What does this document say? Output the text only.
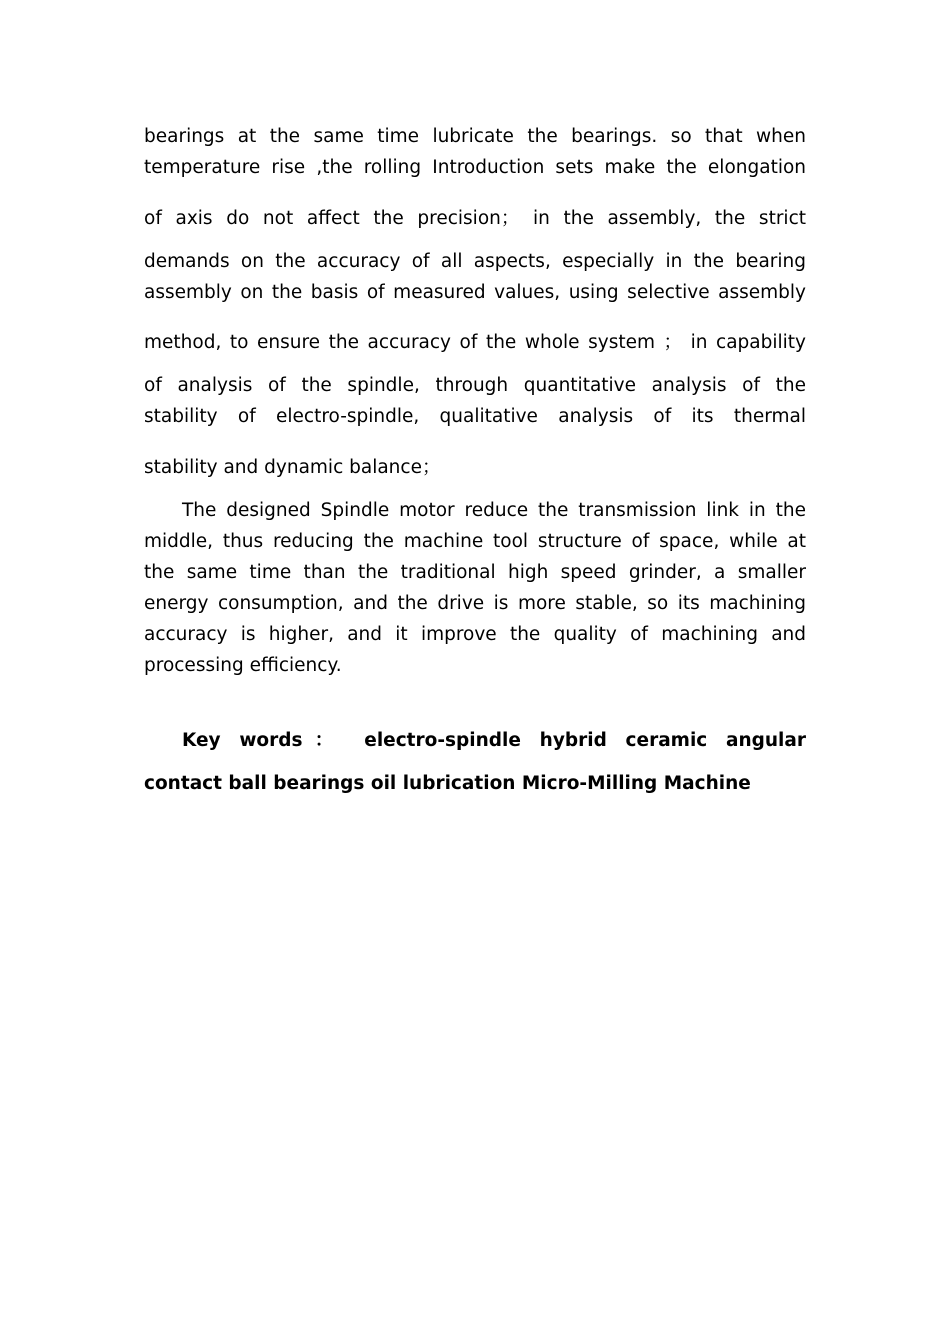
bearings at the same time lubricate the bearings. so that when
temperature rise ,the rolling Introduction sets make the elongation
of axis do not affect the precision； in the assembly, the strict
demands on the accuracy of all aspects, especially in the bearing
assembly on the basis of measured values, using selective assembly
method, to ensure the accuracy of the whole system ； in capability
of analysis of the spindle, through quantitative analysis of the
stability of electro-spindle, qualitative analysis of its thermal
stability and dynamic balance；
The designed Spindle motor reduce the transmission link in the
middle, thus reducing the machine tool structure of space, while at
the same time than the traditional high speed grinder, a smaller
energy consumption, and the drive is more stable, so its machining
accuracy is higher, and it improve the quality of machining and
processing efficiency.
Key words： electro-spindle hybrid ceramic angular
contact ball bearings oil lubrication Micro-Milling Machine
